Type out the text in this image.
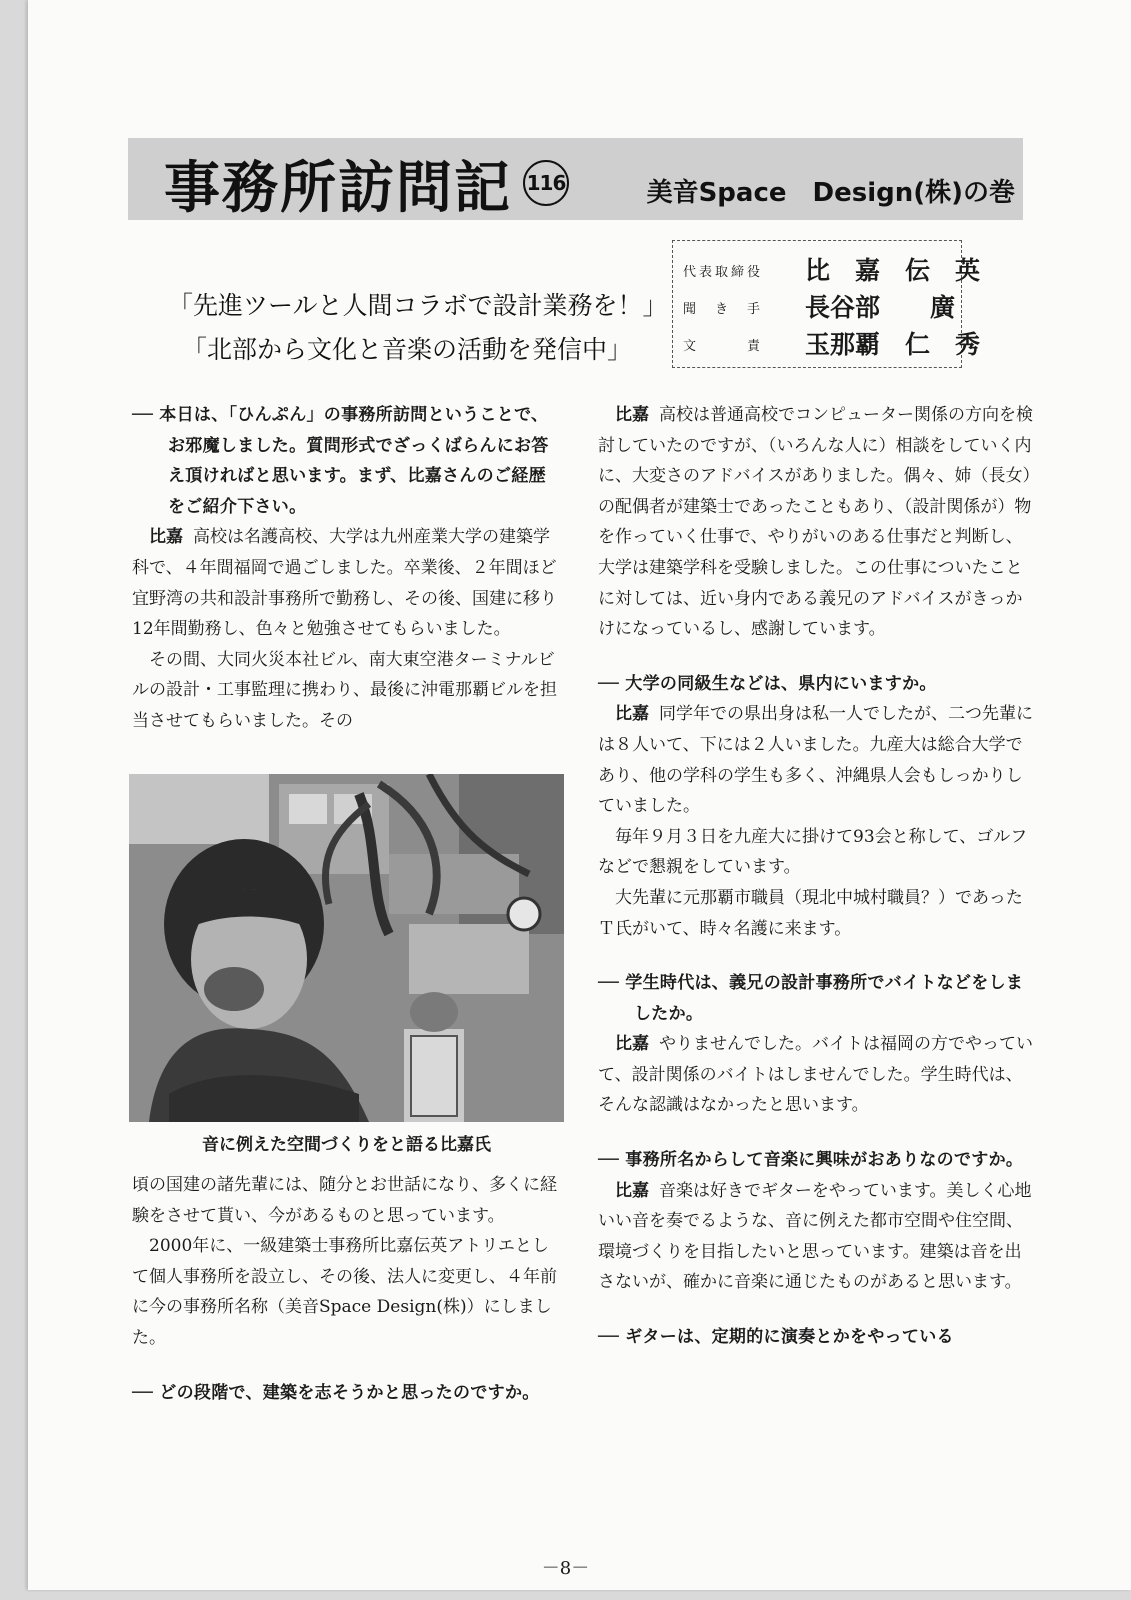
事務所訪問記 116	美音Space　Design(株)の巻
「先進ツールと人間コラボで設計業務を！」
「北部から文化と音楽の活動を発信中」
代表取締役	比　嘉　伝　英
聞　き　手	長谷部　　廣
文　　　責	玉那覇　仁　秀

── 本日は、「ひんぷん」の事務所訪問ということで、お邪魔しました。質問形式でざっくばらんにお答え頂ければと思います。まず、比嘉さんのご経歴をご紹介下さい。

比嘉 高校は名護高校、大学は九州産業大学の建築学科で、４年間福岡で過ごしました。卒業後、２年間ほど宜野湾の共和設計事務所で勤務し、その後、国建に移り12年間勤務し、色々と勉強させてもらいました。

その間、大同火災本社ビル、南大東空港ターミナルビルの設計・工事監理に携わり、最後に沖電那覇ビルを担当させてもらいました。その

音に例えた空間づくりをと語る比嘉氏

頃の国建の諸先輩には、随分とお世話になり、多くに経験をさせて貰い、今があるものと思っています。

2000年に、一級建築士事務所比嘉伝英アトリエとして個人事務所を設立し、その後、法人に変更し、４年前に今の事務所名称（美音Space Design(株)）にしました。

── どの段階で、建築を志そうかと思ったのですか。

比嘉 高校は普通高校でコンピューター関係の方向を検討していたのですが、（いろんな人に）相談をしていく内に、大変さのアドバイスがありました。偶々、姉（長女）の配偶者が建築士であったこともあり、（設計関係が）物を作っていく仕事で、やりがいのある仕事だと判断し、大学は建築学科を受験しました。この仕事についたことに対しては、近い身内である義兄のアドバイスがきっかけになっているし、感謝しています。

── 大学の同級生などは、県内にいますか。

比嘉 同学年での県出身は私一人でしたが、二つ先輩には８人いて、下には２人いました。九産大は総合大学であり、他の学科の学生も多く、沖縄県人会もしっかりしていました。

毎年９月３日を九産大に掛けて93会と称して、ゴルフなどで懇親をしています。

大先輩に元那覇市職員（現北中城村職員？）であったＴ氏がいて、時々名護に来ます。

── 学生時代は、義兄の設計事務所でバイトなどをしましたか。

比嘉 やりませんでした。バイトは福岡の方でやっていて、設計関係のバイトはしませんでした。学生時代は、そんな認識はなかったと思います。

── 事務所名からして音楽に興味がおありなのですか。

比嘉 音楽は好きでギターをやっています。美しく心地いい音を奏でるような、音に例えた都市空間や住空間、環境づくりを目指したいと思っています。建築は音を出さないが、確かに音楽に通じたものがあると思います。

── ギターは、定期的に演奏とかをやっている

－8－
